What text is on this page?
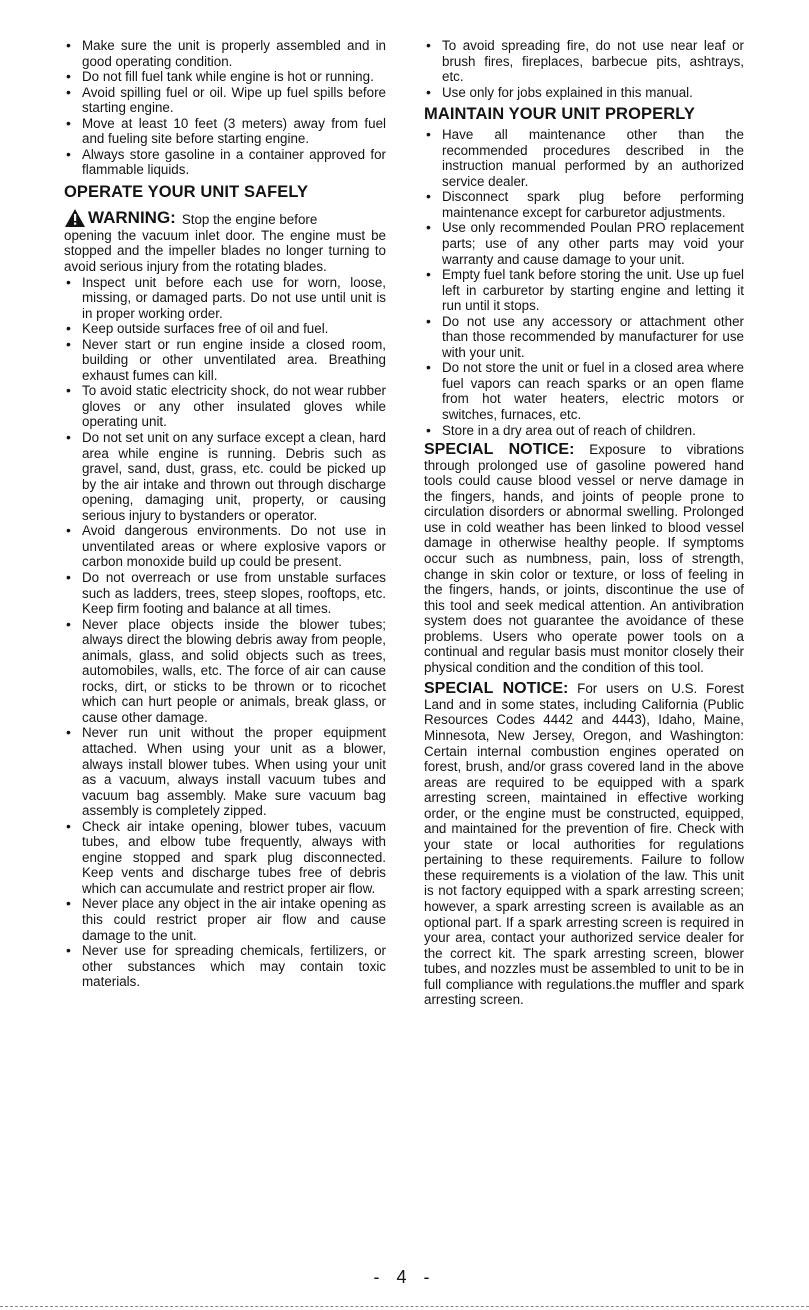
• Make sure the unit is properly assembled and in good operating condition.
• Do not fill fuel tank while engine is hot or running.
• Avoid spilling fuel or oil. Wipe up fuel spills before starting engine.
• Move at least 10 feet (3 meters) away from fuel and fueling site before starting engine.
• Always store gasoline in a container approved for flammable liquids.
OPERATE YOUR UNIT SAFELY
WARNING: Stop the engine before

opening the vacuum inlet door. The engine must be stopped and the impeller blades no longer turning to avoid serious injury from the rotating blades.

• Inspect unit before each use for worn, loose, missing, or damaged parts. Do not use until unit is in proper working order.
• Keep outside surfaces free of oil and fuel.
• Never start or run engine inside a closed room, building or other unventilated area. Breathing exhaust fumes can kill.
• To avoid static electricity shock, do not wear rubber gloves or any other insulated gloves while operating unit.
• Do not set unit on any surface except a clean, hard area while engine is running. Debris such as gravel, sand, dust, grass, etc. could be picked up by the air intake and thrown out through discharge opening, damaging unit, property, or causing serious injury to bystanders or operator.
• Avoid dangerous environments. Do not use in unventilated areas or where explosive vapors or carbon monoxide build up could be present.
• Do not overreach or use from unstable surfaces such as ladders, trees, steep slopes, rooftops, etc. Keep firm footing and balance at all times.
• Never place objects inside the blower tubes; always direct the blowing debris away from people, animals, glass, and solid objects such as trees, automobiles, walls, etc. The force of air can cause rocks, dirt, or sticks to be thrown or to ricochet which can hurt people or animals, break glass, or cause other damage.
• Never run unit without the proper equipment attached. When using your unit as a blower, always install blower tubes. When using your unit as a vacuum, always install vacuum tubes and vacuum bag assembly. Make sure vacuum bag assembly is completely zipped.
• Check air intake opening, blower tubes, vacuum tubes, and elbow tube frequently, always with engine stopped and spark plug disconnected. Keep vents and discharge tubes free of debris which can accumulate and restrict proper air flow.
• Never place any object in the air intake opening as this could restrict proper air flow and cause damage to the unit.
• Never use for spreading chemicals, fertilizers, or other substances which may contain toxic materials.
• To avoid spreading fire, do not use near leaf or brush fires, fireplaces, barbecue pits, ashtrays, etc.
• Use only for jobs explained in this manual.
MAINTAIN YOUR UNIT PROPERLY
• Have all maintenance other than the recommended procedures described in the instruction manual performed by an authorized service dealer.
• Disconnect spark plug before performing maintenance except for carburetor adjustments.
• Use only recommended Poulan PRO replacement parts; use of any other parts may void your warranty and cause damage to your unit.
• Empty fuel tank before storing the unit. Use up fuel left in carburetor by starting engine and letting it run until it stops.
• Do not use any accessory or attachment other than those recommended by manufacturer for use with your unit.
• Do not store the unit or fuel in a closed area where fuel vapors can reach sparks or an open flame from hot water heaters, electric motors or switches, furnaces, etc.
• Store in a dry area out of reach of children.

SPECIAL NOTICE: Exposure to vibrations through prolonged use of gasoline powered hand tools could cause blood vessel or nerve damage in the fingers, hands, and joints of people prone to circulation disorders or abnormal swelling. Prolonged use in cold weather has been linked to blood vessel damage in otherwise healthy people. If symptoms occur such as numbness, pain, loss of strength, change in skin color or texture, or loss of feeling in the fingers, hands, or joints, discontinue the use of this tool and seek medical attention. An antivibration system does not guarantee the avoidance of these problems. Users who operate power tools on a continual and regular basis must monitor closely their physical condition and the condition of this tool.

SPECIAL NOTICE: For users on U.S. Forest Land and in some states, including California (Public Resources Codes 4442 and 4443), Idaho, Maine, Minnesota, New Jersey, Oregon, and Washington: Certain internal combustion engines operated on forest, brush, and/or grass covered land in the above areas are required to be equipped with a spark arresting screen, maintained in effective working order, or the engine must be constructed, equipped, and maintained for the prevention of fire. Check with your state or local authorities for regulations pertaining to these requirements. Failure to follow these requirements is a violation of the law. This unit is not factory equipped with a spark arresting screen; however, a spark arresting screen is available as an optional part. If a spark arresting screen is required in your area, contact your authorized service dealer for the correct kit. The spark arresting screen, blower tubes, and nozzles must be assembled to unit to be in full compliance with regulations.the muffler and spark arresting screen.

- 4 -
